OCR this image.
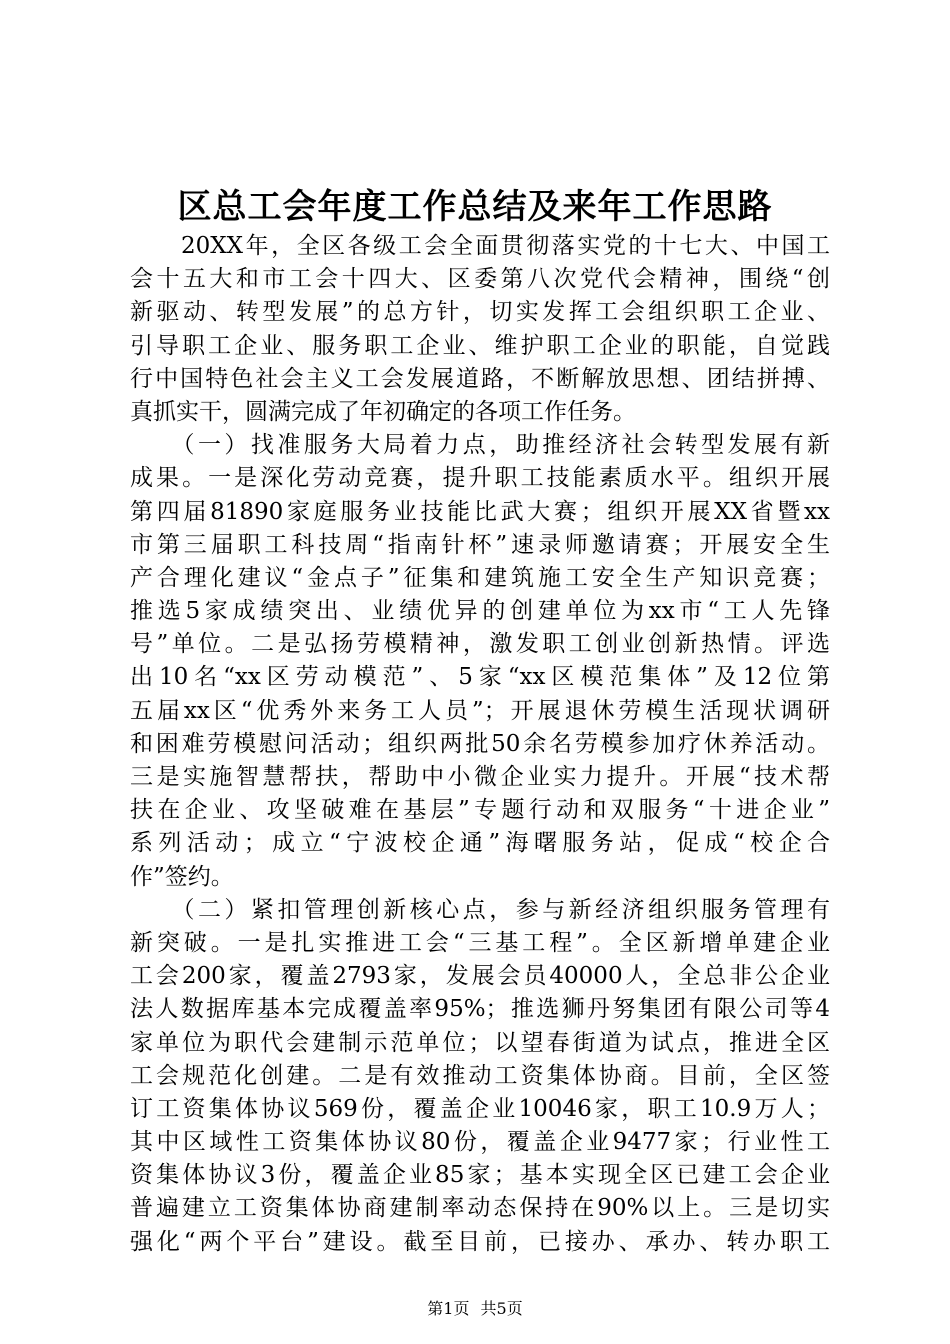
区总工会年度工作总结及来年工作思路
　　20XX年，全区各级工会全面贯彻落实党的十七大、中国工
会十五大和市工会十四大、区委第八次党代会精神，围绕“创
新驱动、转型发展”的总方针，切实发挥工会组织职工企业、
引导职工企业、服务职工企业、维护职工企业的职能，自觉践
行中国特色社会主义工会发展道路，不断解放思想、团结拼搏、
真抓实干，圆满完成了年初确定的各项工作任务。
　　（一）找准服务大局着力点，助推经济社会转型发展有新
成果。一是深化劳动竞赛，提升职工技能素质水平。组织开展
第四届81890家庭服务业技能比武大赛；组织开展XX省暨xx
市第三届职工科技周“指南针杯”速录师邀请赛；开展安全生
产合理化建议“金点子”征集和建筑施工安全生产知识竞赛；
推选5家成绩突出、业绩优异的创建单位为xx市“工人先锋
号”单位。二是弘扬劳模精神，激发职工创业创新热情。评选
出10名“xx区劳动模范”、5家“xx区模范集体”及12位第
五届xx区“优秀外来务工人员”；开展退休劳模生活现状调研
和困难劳模慰问活动；组织两批50余名劳模参加疗休养活动。
三是实施智慧帮扶，帮助中小微企业实力提升。开展“技术帮
扶在企业、攻坚破难在基层”专题行动和双服务“十进企业”
系列活动；成立“宁波校企通”海曙服务站，促成“校企合
作”签约。
　　（二）紧扣管理创新核心点，参与新经济组织服务管理有
新突破。一是扎实推进工会“三基工程”。全区新增单建企业
工会200家，覆盖2793家，发展会员40000人，全总非公企业
法人数据库基本完成覆盖率95%；推选狮丹努集团有限公司等4
家单位为职代会建制示范单位；以望春街道为试点，推进全区
工会规范化创建。二是有效推动工资集体协商。目前，全区签
订工资集体协议569份，覆盖企业10046家，职工10.9万人；
其中区域性工资集体协议80份，覆盖企业9477家；行业性工
资集体协议3份，覆盖企业85家；基本实现全区已建工会企业
普遍建立工资集体协商建制率动态保持在90%以上。三是切实
强化“两个平台”建设。截至目前，已接办、承办、转办职工
第1页 共5页
